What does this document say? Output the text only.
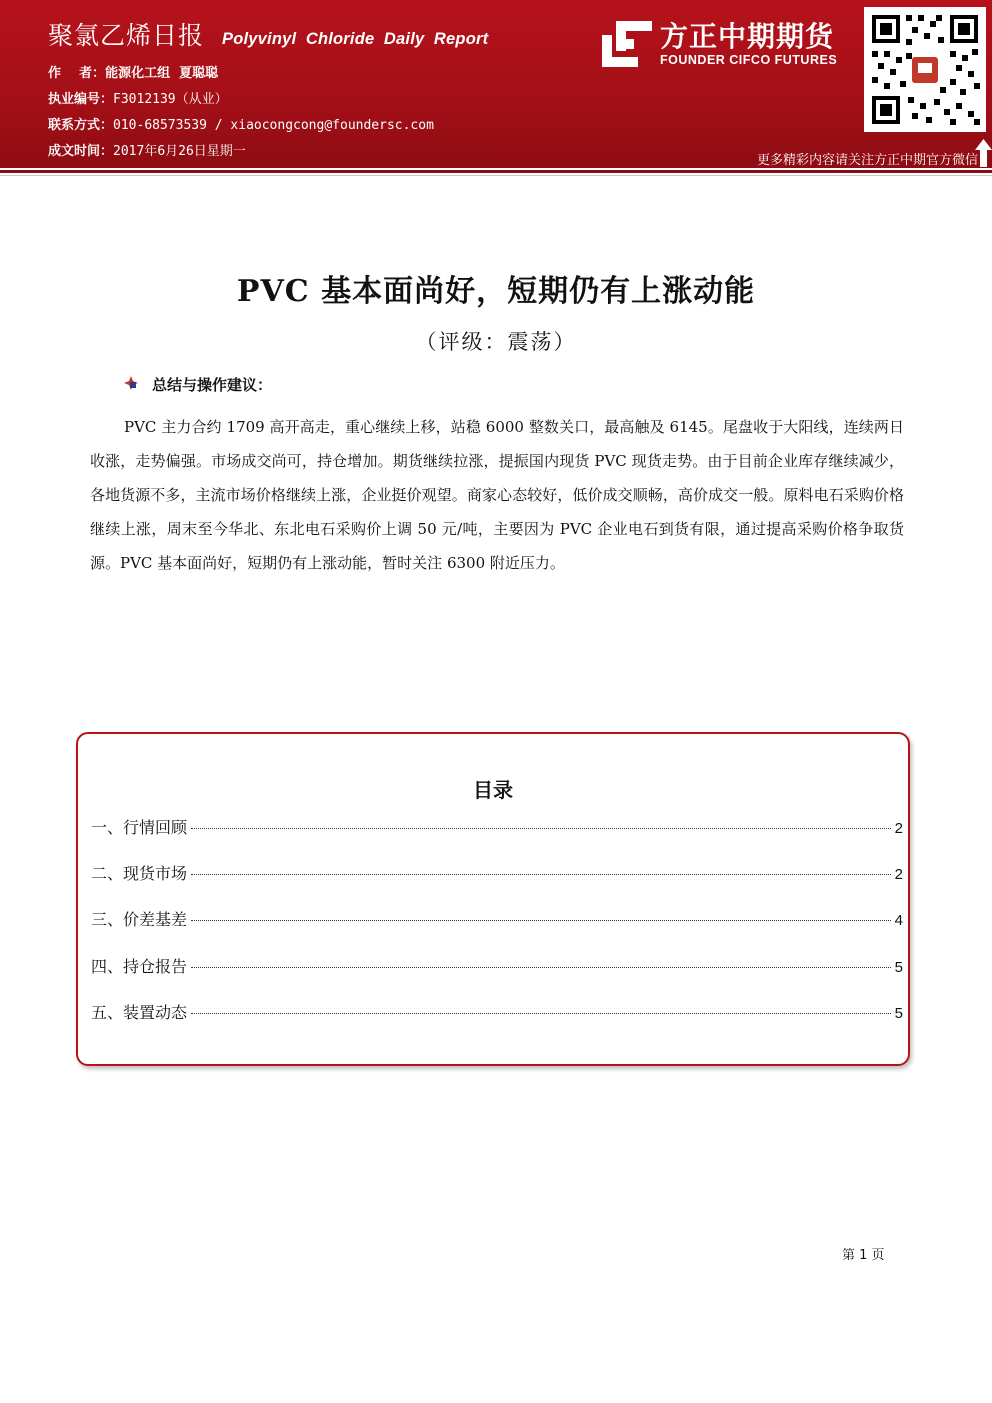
聚氯乙烯日报 Polyvinyl  Chloride  Daily  Report
作    者：能源化工组  夏聪聪
执业编号：F3012139（从业）
联系方式：010-68573539 / xiaocongcong@foundersc.com
成文时间：2017年6月26日星期一
方正中期期货
FOUNDER CIFCO FUTURES
更多精彩内容请关注方正中期官方微信
PVC 基本面尚好，短期仍有上涨动能
（评级：震荡）
总结与操作建议：
PVC 主力合约 1709 高开高走，重心继续上移，站稳 6000 整数关口，最高触及 6145。尾盘收于大阳线，连续两日收涨，走势偏强。市场成交尚可，持仓增加。期货继续拉涨，提振国内现货 PVC 现货走势。由于目前企业库存继续减少，各地货源不多，主流市场价格继续上涨，企业挺价观望。商家心态较好，低价成交顺畅，高价成交一般。原料电石采购价格继续上涨，周末至今华北、东北电石采购价上调 50 元/吨，主要因为 PVC 企业电石到货有限，通过提高采购价格争取货源。PVC 基本面尚好，短期仍有上涨动能，暂时关注 6300 附近压力。
目录
一、行情回顾	2
二、现货市场	2
三、价差基差	4
四、持仓报告	5
五、装置动态	5
第 1 页
